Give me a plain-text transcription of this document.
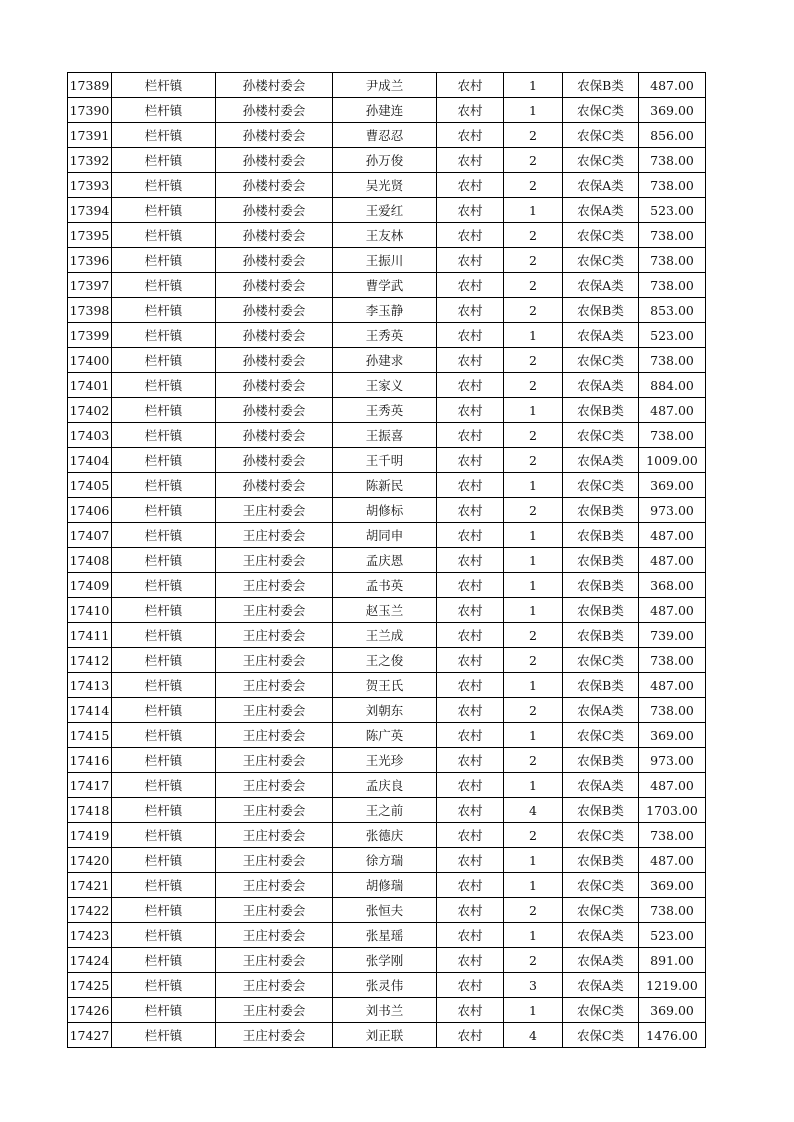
17389	栏杆镇	孙楼村委会	尹成兰	农村	1	农保B类	487.00
17390	栏杆镇	孙楼村委会	孙建连	农村	1	农保C类	369.00
17391	栏杆镇	孙楼村委会	曹忍忍	农村	2	农保C类	856.00
17392	栏杆镇	孙楼村委会	孙万俊	农村	2	农保C类	738.00
17393	栏杆镇	孙楼村委会	吴光贤	农村	2	农保A类	738.00
17394	栏杆镇	孙楼村委会	王爱红	农村	1	农保A类	523.00
17395	栏杆镇	孙楼村委会	王友林	农村	2	农保C类	738.00
17396	栏杆镇	孙楼村委会	王振川	农村	2	农保C类	738.00
17397	栏杆镇	孙楼村委会	曹学武	农村	2	农保A类	738.00
17398	栏杆镇	孙楼村委会	李玉静	农村	2	农保B类	853.00
17399	栏杆镇	孙楼村委会	王秀英	农村	1	农保A类	523.00
17400	栏杆镇	孙楼村委会	孙建求	农村	2	农保C类	738.00
17401	栏杆镇	孙楼村委会	王家义	农村	2	农保A类	884.00
17402	栏杆镇	孙楼村委会	王秀英	农村	1	农保B类	487.00
17403	栏杆镇	孙楼村委会	王振喜	农村	2	农保C类	738.00
17404	栏杆镇	孙楼村委会	王千明	农村	2	农保A类	1009.00
17405	栏杆镇	孙楼村委会	陈新民	农村	1	农保C类	369.00
17406	栏杆镇	王庄村委会	胡修标	农村	2	农保B类	973.00
17407	栏杆镇	王庄村委会	胡同申	农村	1	农保B类	487.00
17408	栏杆镇	王庄村委会	孟庆恩	农村	1	农保B类	487.00
17409	栏杆镇	王庄村委会	孟书英	农村	1	农保B类	368.00
17410	栏杆镇	王庄村委会	赵玉兰	农村	1	农保B类	487.00
17411	栏杆镇	王庄村委会	王兰成	农村	2	农保B类	739.00
17412	栏杆镇	王庄村委会	王之俊	农村	2	农保C类	738.00
17413	栏杆镇	王庄村委会	贺王氏	农村	1	农保B类	487.00
17414	栏杆镇	王庄村委会	刘朝东	农村	2	农保A类	738.00
17415	栏杆镇	王庄村委会	陈广英	农村	1	农保C类	369.00
17416	栏杆镇	王庄村委会	王光珍	农村	2	农保B类	973.00
17417	栏杆镇	王庄村委会	孟庆良	农村	1	农保A类	487.00
17418	栏杆镇	王庄村委会	王之前	农村	4	农保B类	1703.00
17419	栏杆镇	王庄村委会	张德庆	农村	2	农保C类	738.00
17420	栏杆镇	王庄村委会	徐方瑞	农村	1	农保B类	487.00
17421	栏杆镇	王庄村委会	胡修瑞	农村	1	农保C类	369.00
17422	栏杆镇	王庄村委会	张恒夫	农村	2	农保C类	738.00
17423	栏杆镇	王庄村委会	张星瑶	农村	1	农保A类	523.00
17424	栏杆镇	王庄村委会	张学刚	农村	2	农保A类	891.00
17425	栏杆镇	王庄村委会	张灵伟	农村	3	农保A类	1219.00
17426	栏杆镇	王庄村委会	刘书兰	农村	1	农保C类	369.00
17427	栏杆镇	王庄村委会	刘正联	农村	4	农保C类	1476.00
